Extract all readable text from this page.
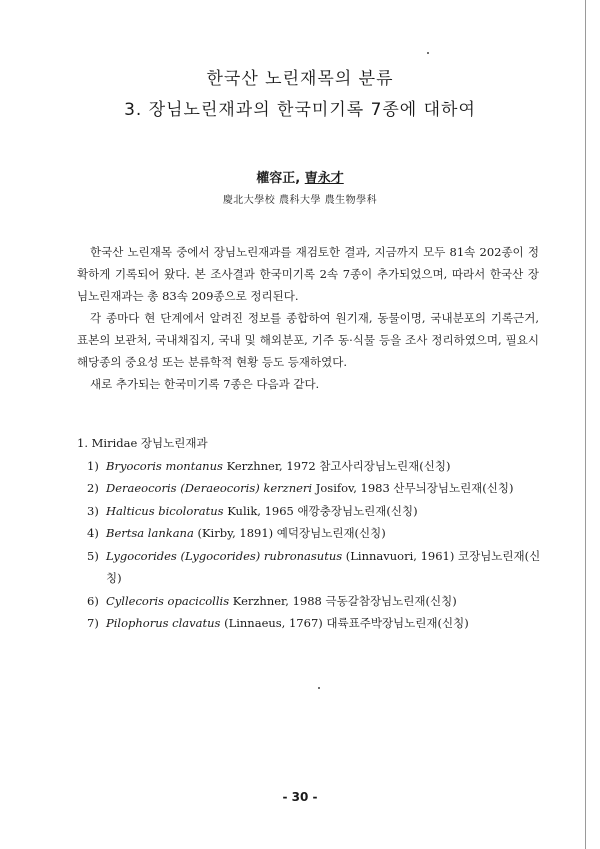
한국산 노린재목의 분류
3. 장님노린재과의 한국미기록 7종에 대하여
權容正, 曺永才
慶北大學校 農科大學 農生物學科

한국산 노린재목 중에서 장님노린재과를 재검토한 결과, 지금까지 모두 81속 202종이 정확하게 기록되어 왔다. 본 조사결과 한국미기록 2속 7종이 추가되었으며, 따라서 한국산 장님노린재과는 총 83속 209종으로 정리된다.

각 종마다 현 단계에서 알려진 정보를 종합하여 원기재, 동물이명, 국내분포의 기록근거, 표본의 보관처, 국내채집지, 국내 및 해외분포, 기주 동·식물 등을 조사 정리하였으며, 필요시 해당종의 중요성 또는 분류학적 현황 등도 등재하였다.

새로 추가되는 한국미기록 7종은 다음과 같다.

1. Miridae 장님노린재과

1) Bryocoris montanus Kerzhner, 1972 참고사리장님노린재(신칭)
2) Deraeocoris (Deraeocoris) kerzneri Josifov, 1983 산무늬장님노린재(신칭)
3) Halticus bicoloratus Kulik, 1965 애깡충장님노린재(신칭)
4) Bertsa lankana (Kirby, 1891) 예덕장님노린재(신칭)
5) Lygocorides (Lygocorides) rubronasutus (Linnavuori, 1961) 코장님노린재(신칭)
6) Cyllecoris opacicollis Kerzhner, 1988 극동갈참장님노린재(신칭)
7) Pilophorus clavatus (Linnaeus, 1767) 대륙표주박장님노린재(신칭)
- 30 -
